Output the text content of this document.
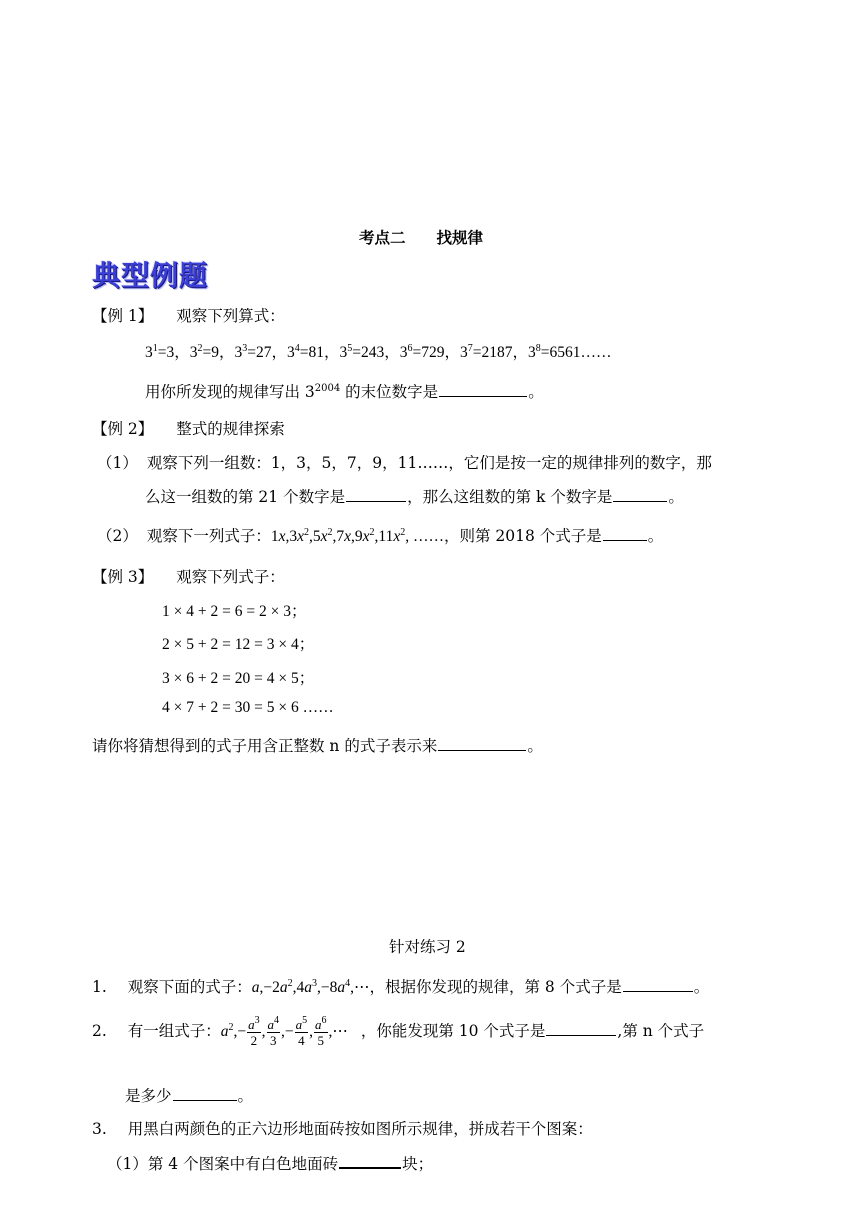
考点二　　找规律
典型例题
【例 1】 观察下列算式：
$3^1=3$，$3^2=9$，$3^3=27$，$3^4=81$，$3^5=243$，$3^6=729$，$3^7=2187$，$3^8=6561\dots\dots$
用你所发现的规律写出 $3^{2004}$ 的末位数字是	。
【例 2】 整式的规律探索
（1） 观察下列一组数：1，3，5，7，9，11……，它们是按一定的规律排列的数字，那
么这一组数的第 21 个数字是	，那么这组数的第 k 个数字是	。
（2） 观察下一列式子：$1x,3x^2,5x^2,7x,9x^2,11x^2$, ……，则第 2018 个式子是	。
【例 3】 观察下列式子：
1 × 4 + 2 = 6 = 2 × 3；
2 × 5 + 2 = 12 = 3 × 4；
3 × 6 + 2 = 20 = 4 × 5；
4 × 7 + 2 = 30 = 5 × 6 ……
请你将猜想得到的式子用含正整数 n 的式子表示来	。
针对练习 2
1. 观察下面的式子：$a,-2a^2,4a^3,-8a^4,\cdots$，根据你发现的规律，第 8 个式子是	。
2. 有一组式子：$a^2,- \frac{a^3}{2}$ , $\frac{a^4}{3}$ ,− $\frac{a^5}{4}$ , $\frac{a^6}{5}$ ,⋯ ，你能发现第 10 个式子是	,第 n 个式子
是多少	。
3. 用黑白两颜色的正六边形地面砖按如图所示规律，拼成若干个图案：
（1）第 4 个图案中有白色地面砖	块；
